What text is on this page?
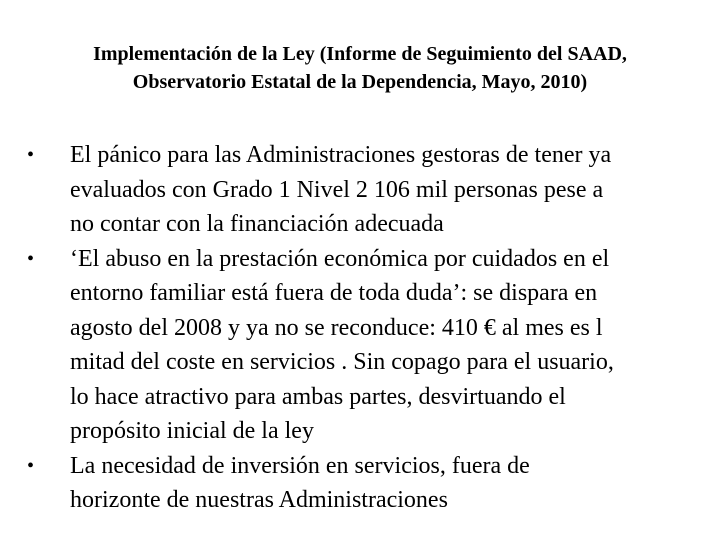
Implementación de la Ley (Informe de Seguimiento del SAAD,
Observatorio Estatal de la Dependencia, Mayo, 2010)
• El pánico para las Administraciones gestoras de tener ya
evaluados con Grado 1 Nivel 2 106 mil personas pese a
no contar con la financiación adecuada
• ‘El abuso en la prestación económica por cuidados en el
entorno familiar está fuera de toda duda’: se dispara en
agosto del 2008 y ya no se reconduce: 410 € al mes es l
mitad del coste en servicios . Sin copago para el usuario,
lo hace atractivo para ambas partes, desvirtuando el
propósito inicial de la ley
• La necesidad de inversión en servicios, fuera de
horizonte de nuestras Administraciones
